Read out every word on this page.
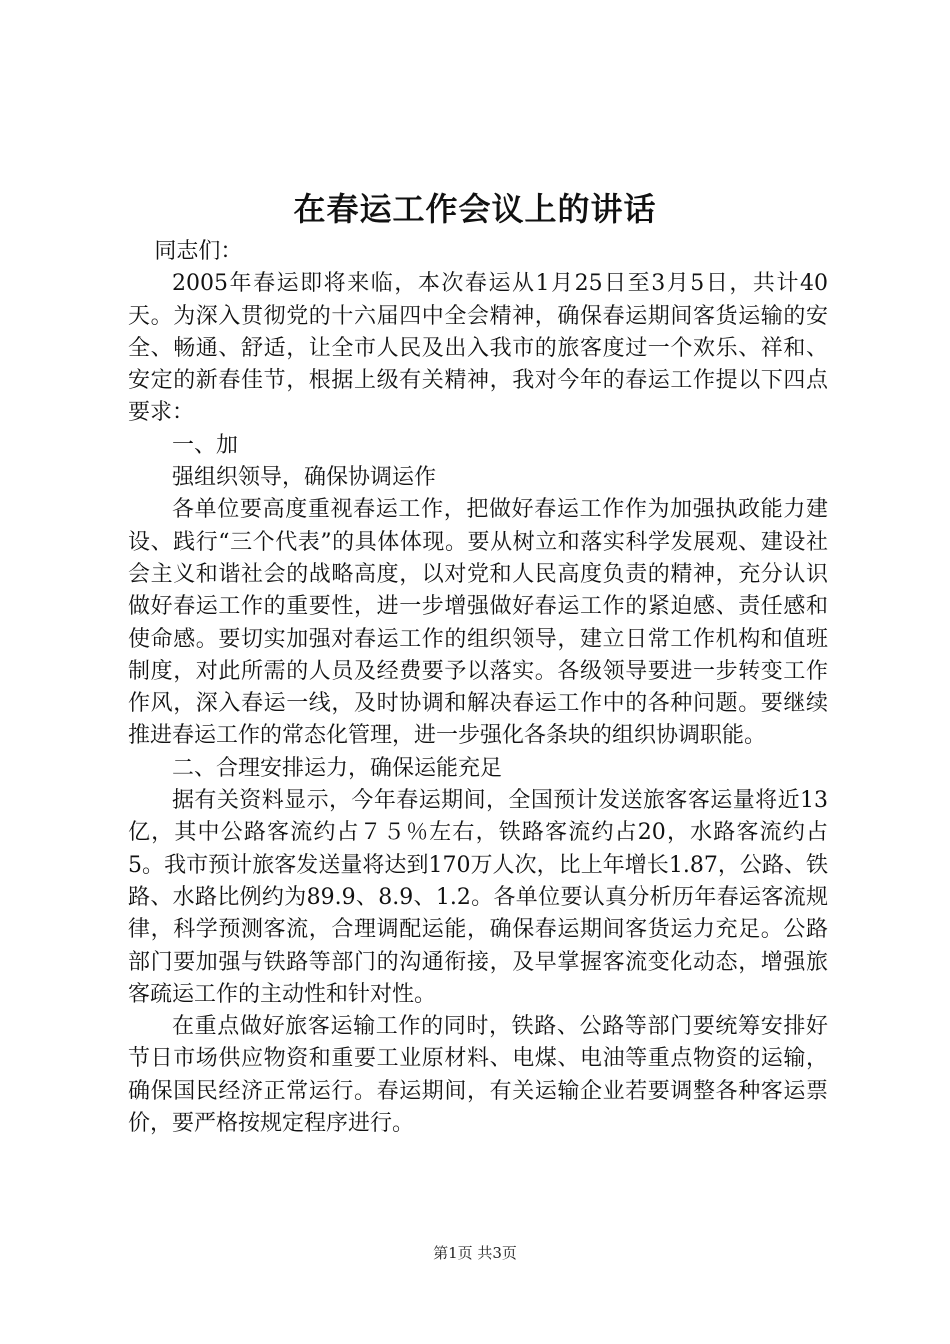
在春运工作会议上的讲话

同志们：

2005年春运即将来临，本次春运从1月25日至3月5日，共计40天。为深入贯彻党的十六届四中全会精神，确保春运期间客货运输的安全、畅通、舒适，让全市人民及出入我市的旅客度过一个欢乐、祥和、安定的新春佳节，根据上级有关精神，我对今年的春运工作提以下四点要求：

一、加

强组织领导，确保协调运作

各单位要高度重视春运工作，把做好春运工作作为加强执政能力建设、践行“三个代表”的具体体现。要从树立和落实科学发展观、建设社会主义和谐社会的战略高度，以对党和人民高度负责的精神，充分认识做好春运工作的重要性，进一步增强做好春运工作的紧迫感、责任感和使命感。要切实加强对春运工作的组织领导，建立日常工作机构和值班制度，对此所需的人员及经费要予以落实。各级领导要进一步转变工作作风，深入春运一线，及时协调和解决春运工作中的各种问题。要继续推进春运工作的常态化管理，进一步强化各条块的组织协调职能。

二、合理安排运力，确保运能充足

据有关资料显示，今年春运期间，全国预计发送旅客客运量将近13亿，其中公路客流约占７５％左右，铁路客流约占20，水路客流约占5。我市预计旅客发送量将达到170万人次，比上年增长1.87，公路、铁路、水路比例约为89.9、8.9、1.2。各单位要认真分析历年春运客流规律，科学预测客流，合理调配运能，确保春运期间客货运力充足。公路部门要加强与铁路等部门的沟通衔接，及早掌握客流变化动态，增强旅客疏运工作的主动性和针对性。

在重点做好旅客运输工作的同时，铁路、公路等部门要统筹安排好节日市场供应物资和重要工业原材料、电煤、电油等重点物资的运输，确保国民经济正常运行。春运期间，有关运输企业若要调整各种客运票价，要严格按规定程序进行。

第1页 共3页
